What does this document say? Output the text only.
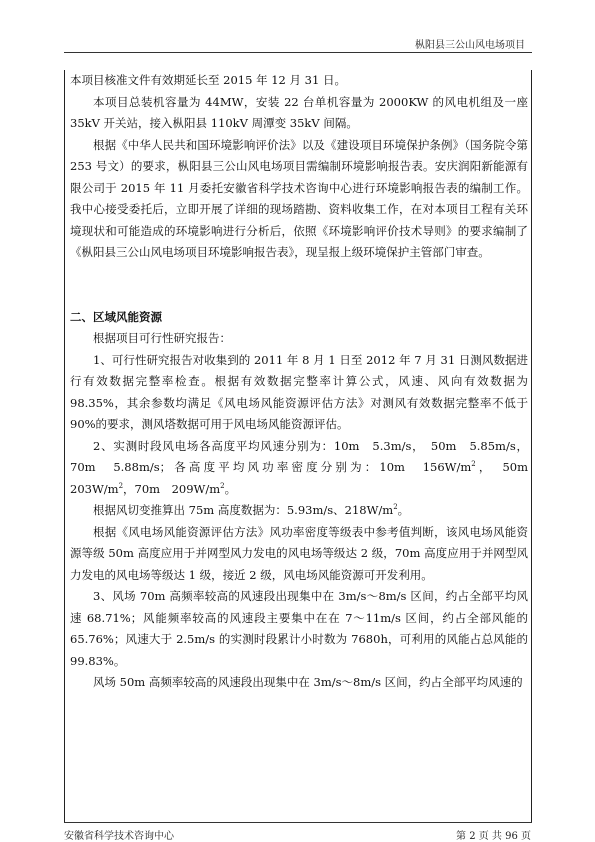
枞阳县三公山风电场项目

本项目核准文件有效期延长至 2015 年 12 月 31 日。

本项目总装机容量为 44MW，安装 22 台单机容量为 2000KW 的风电机组及一座 35kV 开关站，接入枞阳县 110kV 周潭变 35kV 间隔。

根据《中华人民共和国环境影响评价法》以及《建设项目环境保护条例》（国务院令第 253 号文）的要求，枞阳县三公山风电场项目需编制环境影响报告表。安庆润阳新能源有限公司于 2015 年 11 月委托安徽省科学技术咨询中心进行环境影响报告表的编制工作。我中心接受委托后，立即开展了详细的现场踏勘、资料收集工作，在对本项目工程有关环境现状和可能造成的环境影响进行分析后，依照《环境影响评价技术导则》的要求编制了《枞阳县三公山风电场项目环境影响报告表》，现呈报上级环境保护主管部门审查。

二、区域风能资源

根据项目可行性研究报告：

1、可行性研究报告对收集到的 2011 年 8 月 1 日至 2012 年 7 月 31 日测风数据进行有效数据完整率检查。根据有效数据完整率计算公式，风速、风向有效数据为 98.35%，其余参数均满足《风电场风能资源评估方法》对测风有效数据完整率不低于 90%的要求，测风塔数据可用于风电场风能资源评估。

2、实测时段风电场各高度平均风速分别为：10m　5.3m/s，　50m　5.85m/s，70m　5.88m/s；各高度平均风功率密度分别为：10m　$156W/m^2$，　50m　$203W/m^2$，70m　$209W/m^2$。

根据风切变推算出 75m 高度数据为：5.93m/s、$218W/m^2$。

根据《风电场风能资源评估方法》风功率密度等级表中参考值判断，该风电场风能资源等级 50m 高度应用于并网型风力发电的风电场等级达 2 级，70m 高度应用于并网型风力发电的风电场等级达 1 级，接近 2 级，风电场风能资源可开发利用。

3、风场 70m 高频率较高的风速段出现集中在 3m/s～8m/s 区间，约占全部平均风速 68.71%；风能频率较高的风速段主要集中在在 7～11m/s 区间，约占全部风能的 65.76%；风速大于 2.5m/s 的实测时段累计小时数为 7680h，可利用的风能占总风能的 99.83%。

风场 50m 高频率较高的风速段出现集中在 3m/s～8m/s 区间，约占全部平均风速的

安徽省科学技术咨询中心	第 2 页 共 96 页
